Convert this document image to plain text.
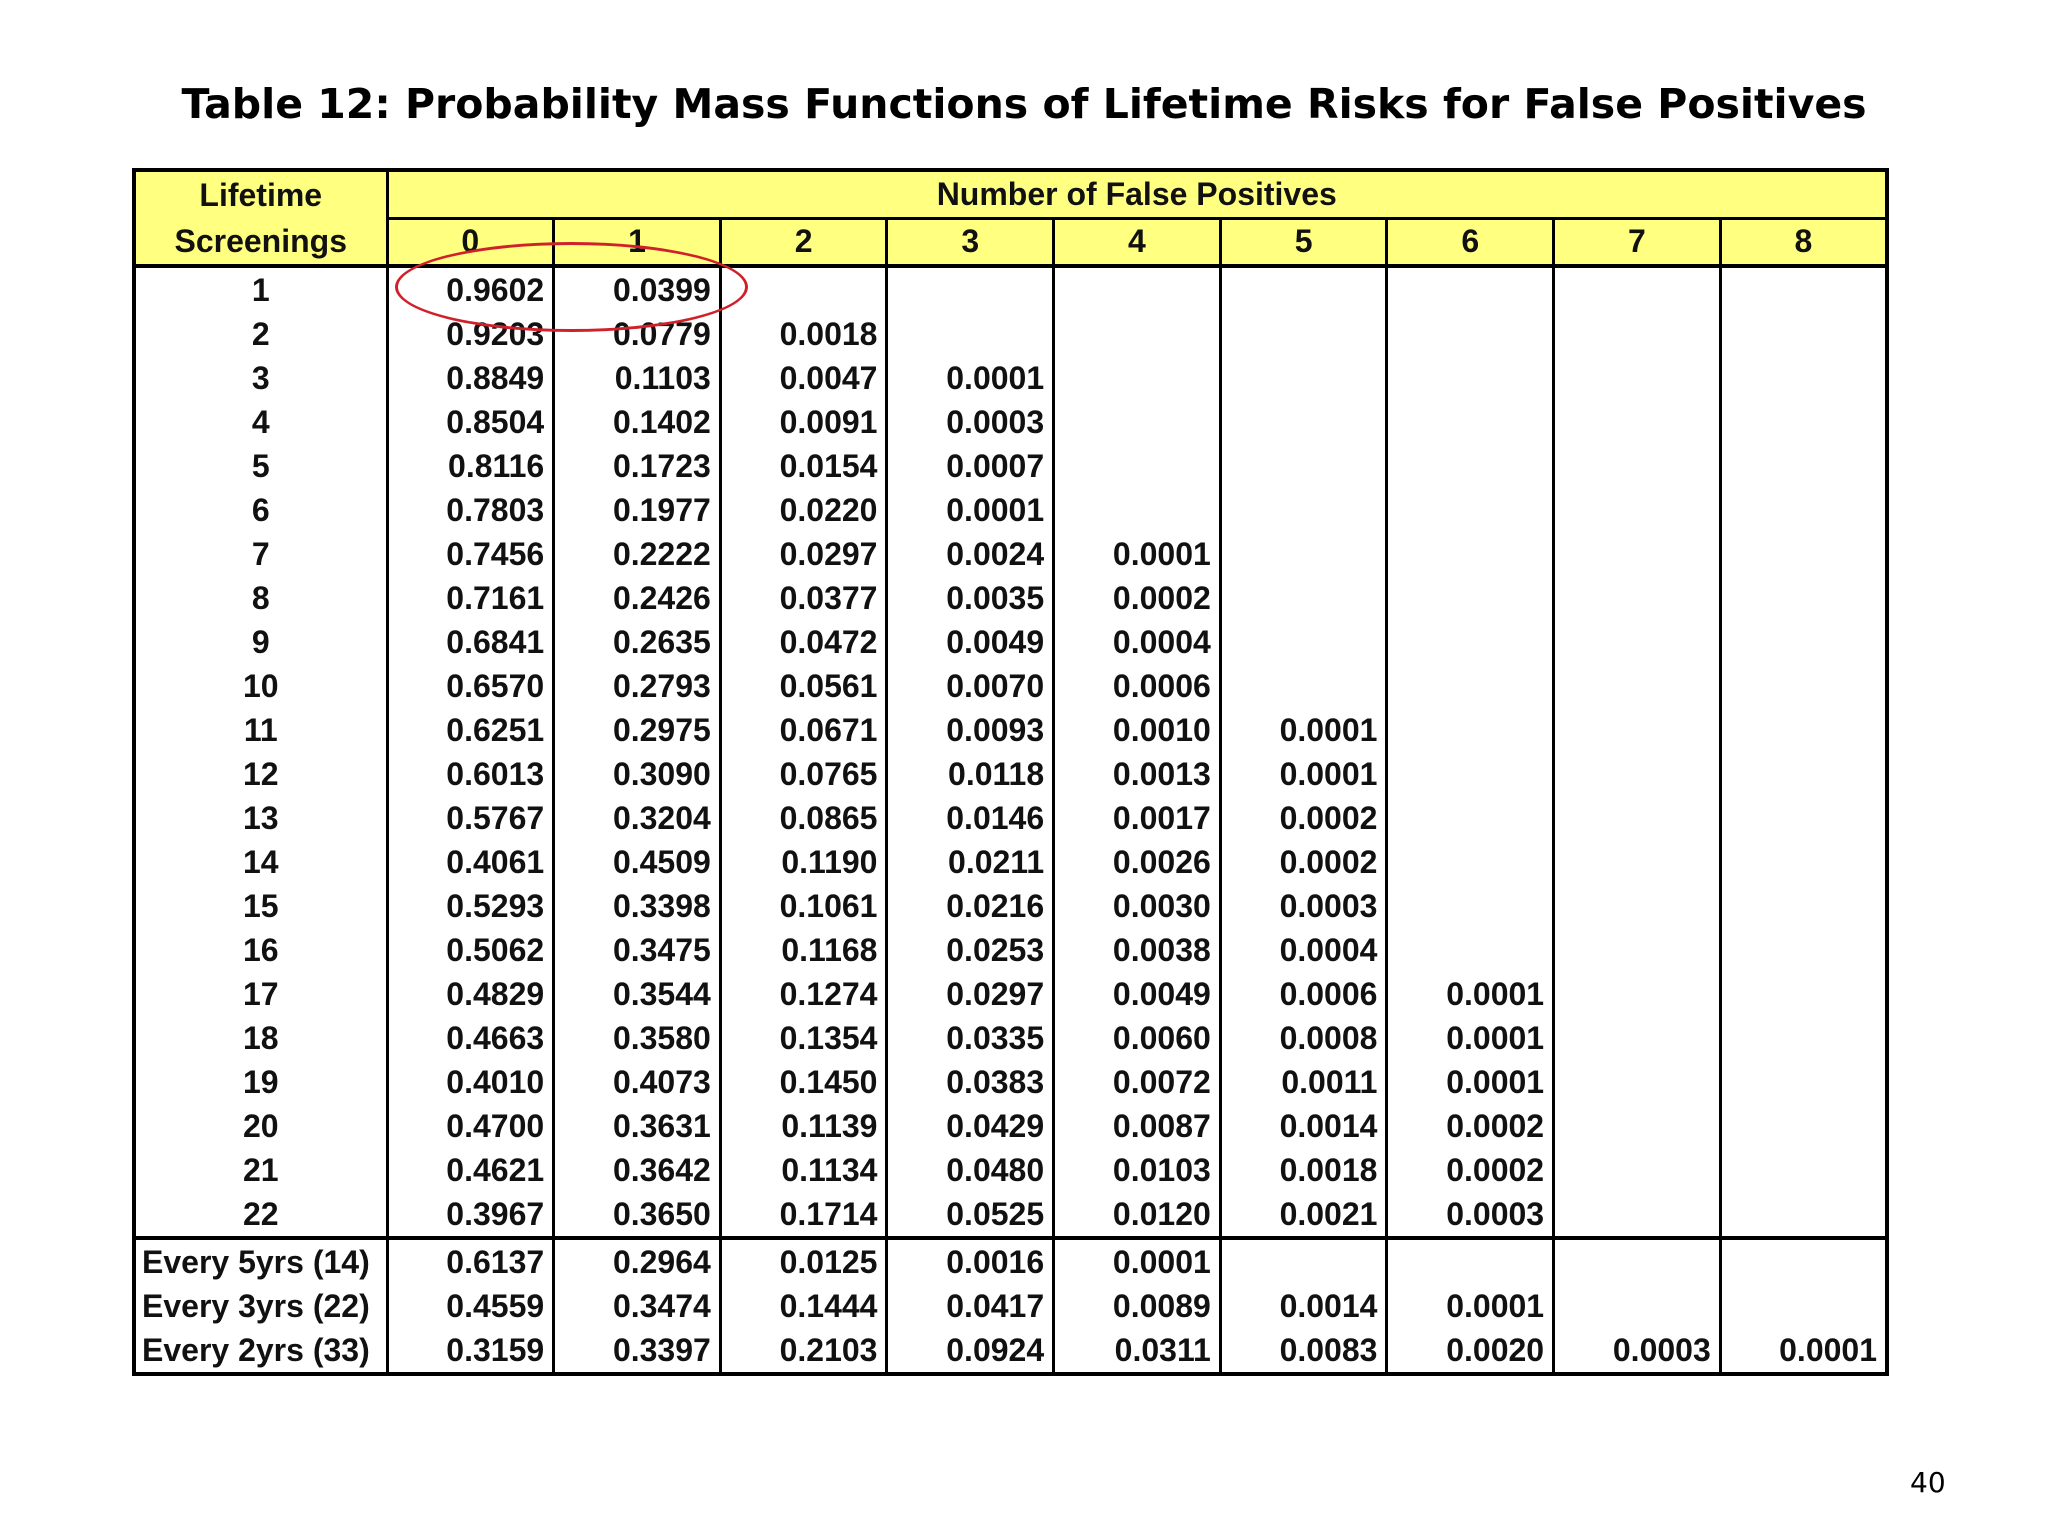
Table 12: Probability Mass Functions of Lifetime Risks for False Positives
Lifetime
Screenings	Number of False Positives								
	0	1	2	3	4	5	6	7	8
1	0.9602	0.0399							
2	0.9203	0.0779	0.0018						
3	0.8849	0.1103	0.0047	0.0001					
4	0.8504	0.1402	0.0091	0.0003					
5	0.8116	0.1723	0.0154	0.0007					
6	0.7803	0.1977	0.0220	0.0001					
7	0.7456	0.2222	0.0297	0.0024	0.0001				
8	0.7161	0.2426	0.0377	0.0035	0.0002				
9	0.6841	0.2635	0.0472	0.0049	0.0004				
10	0.6570	0.2793	0.0561	0.0070	0.0006				
11	0.6251	0.2975	0.0671	0.0093	0.0010	0.0001			
12	0.6013	0.3090	0.0765	0.0118	0.0013	0.0001			
13	0.5767	0.3204	0.0865	0.0146	0.0017	0.0002			
14	0.4061	0.4509	0.1190	0.0211	0.0026	0.0002			
15	0.5293	0.3398	0.1061	0.0216	0.0030	0.0003			
16	0.5062	0.3475	0.1168	0.0253	0.0038	0.0004			
17	0.4829	0.3544	0.1274	0.0297	0.0049	0.0006	0.0001		
18	0.4663	0.3580	0.1354	0.0335	0.0060	0.0008	0.0001		
19	0.4010	0.4073	0.1450	0.0383	0.0072	0.0011	0.0001		
20	0.4700	0.3631	0.1139	0.0429	0.0087	0.0014	0.0002		
21	0.4621	0.3642	0.1134	0.0480	0.0103	0.0018	0.0002		
22	0.3967	0.3650	0.1714	0.0525	0.0120	0.0021	0.0003		
Every 5yrs (14)	0.6137	0.2964	0.0125	0.0016	0.0001				
Every 3yrs (22)	0.4559	0.3474	0.1444	0.0417	0.0089	0.0014	0.0001		
Every 2yrs (33)	0.3159	0.3397	0.2103	0.0924	0.0311	0.0083	0.0020	0.0003	0.0001
40
